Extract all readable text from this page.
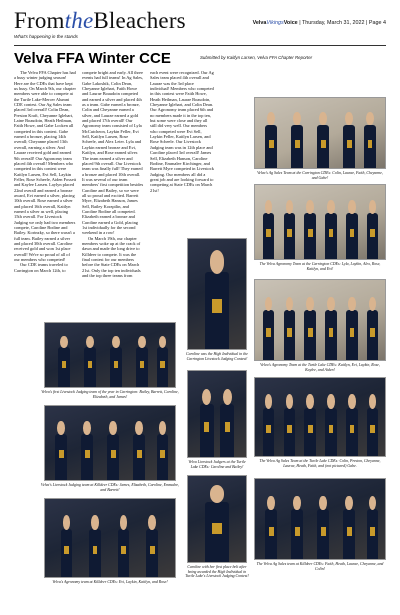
FromtheBleachers
What's happening in the stands
VelvaVikingsVoice | Thursday, March 31, 2022 | Page 4
Velva FFA Winter CCE	Submitted by Kaitlyn Larsen, Velva FFA Chapter Reporter

The Velva FFA Chapter has had a busy winter judging season! Here are the CDEs that have kept us busy. On March 9th, our chapter members were able to compete at the Turtle Lake-Mercer Alumni CDE contest. Our Ag Sales team placed 3rd overall! Colin Dean, Preston Kraft, Cheyanne Iglehart, Laine Boaudoin, Heath Heilman, Faith Howe, and Gabe Locken all competed in this contest. Gabe earned a bronze, placing 14th overall; Cheyanne placed 13th overall, earning a silver. And Laurae received gold and earned 9th overall! Our Agronomy team placed 4th overall! Members who competed in this contest were Kaitlyn Larsen, Evi Sell, Laykin Feller, Rose Scheele, Aiden Fossett and Kaylee Larsen. Laylyn placed 22nd overall and earned a bronze award, Evi earned a silver, placing 10th overall. Rose earned a silver and placed 16th overall, Kaitlyn earned a silver as well, placing 15th overall. For Livestock Judging we only had two members compete, Caroline Bodine and Bailey. Korinzky, so there wasn't a full team. Bailey earned a silver and placed 30th overall. Caroline received gold and won 1st place overall! We're so proud of all of our members who competed!

Our CDE teams traveled to Carrington on March 12th, to

compete bright and early. All three events had full teams! In Ag Sales, Gabe Lakoshik, Colin Dean, Cheyanne Iglehart, Faith Howe and Laurae Boaudoin competed and earned a silver and placed 4th as a team. Gabe earned a bronze, Colin and Cheyanne earned a silver, and Laurae earned a gold and placed 17th overall! Our Agronomy team consisted of Lyla McCutcheon, Laykin Feller, Evi Sell, Kaitlyn Larsen, Rose Scheele, and Alex Leier. Lyla and Laykin earned bronze and Evi, Kaitlyn, and Rose earned silver. The team earned a silver and placed 9th overall. Our Livestock team was finally full! They earned a bronze and placed 10th overall. It was several of our team members' first competition besides Caroline and Bailey, so we were all so proud and excited. Barrett Myre, Elizabeth Hanson, James Sell, Bailey Korzpilin, and Caroline Bodine all competed. Elizabeth earned a bronze and Caroline earned a Gold, placing 1st individually for the second weekend in a row!

On March 19th, our chapter members woke up at the crack of dawn and made the long drive to Killdeer to compete. It was the final contest for our members before the State CDEs on March 21st. Only the top ten individuals and the top three teams from

each event were recognized. Our Ag Sales team placed 4th overall and Laurae was the 3rd place individual! Members who competed in this contest were Faith Howe, Heath Heilman, Laurae Boaudoin, Cheyanne Iglehart, and Colin Dean. Our Agronomy team placed 6th and no members made it in the top ten, but some were close and they all still did very well. Our members who competed were Evi Sell, Laykin Feller, Kaitlyn Larsen, and Rose Scheele. Our Livestock Judging team was in 12th place and Caroline placed 3rd overall! James Sell, Elizabeth Hanson, Caroline Bodine, Emmalee Kirchinger, and Barrett Myre competed in Livestock Judging. Our members all did a great job and are looking forward to competing at State CDEs on March 21st!

Velva's Ag Sales Team at the Carrington CDEs: Colin, Laurae, Faith, Cheyanne, and Gabe!
The Velva Agronomy Team at the Carrington CDEs: Lyla, Laykin, Alex, Rose, Kaitlyn, and Evi!
Caroline was the High Individual in the Carrington Livestock Judging Contest!
Velva's Agronomy Team at the Turtle Lake CDEs: Kaitlyn, Evi, Laykin, Rose, Kaylee, and Aiden!
The Velva Ag Sales Team at the Turtle Lake CDEs: Colin, Preston, Cheyanne, Laurae, Heath, Faith, and (not pictured) Gabe.
Velva's first Livestock Judging team of the year in Carrington: Bailey, Barrett, Caroline, Elizabeth, and James!
Velva Livestock Judgers at the Turtle Lake CDEs: Caroline and Bailey!
Velva's Livestock Judging team at Killdeer CDEs: James, Elizabeth, Caroline, Emmalee, and Barrett!
Caroline with her first place belt after being awarded the High Individual in Turtle Lake's Livestock Judging Contest!
The Velva Ag Sales team at Killdeer CDEs: Faith, Heath, Laurae, Cheyanne, and Colin!
Velva's Agronomy team at Killdeer CDEs: Evi, Laykin, Kaitlyn, and Rose!
